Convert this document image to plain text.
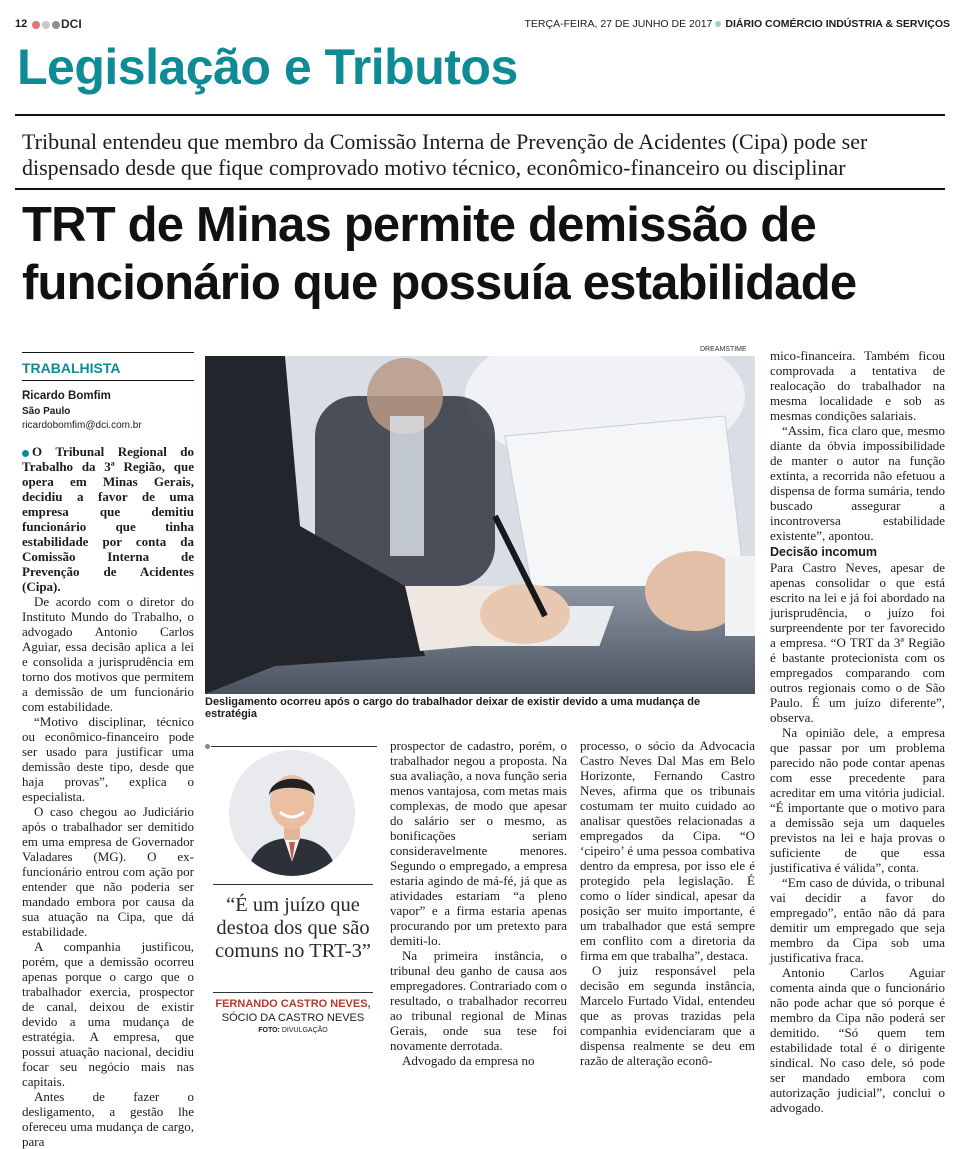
12	DCI	TERÇA-FEIRA, 27 DE JUNHO DE 2017 DIÁRIO COMÉRCIO INDÚSTRIA & SERVIÇOS
Legislação e Tributos
Tribunal entendeu que membro da Comissão Interna de Prevenção de Acidentes (Cipa) pode ser dispensado desde que fique comprovado motivo técnico, econômico-financeiro ou disciplinar
TRT de Minas permite demissão de
funcionário que possuía estabilidade
TRABALHISTA
Ricardo Bomfim
São Paulo
ricardobomfim@dci.com.br

O Tribunal Regional do Trabalho da 3ª Região, que opera em Minas Gerais, decidiu a favor de uma empresa que demitiu funcionário que tinha estabilidade por conta da Comissão Interna de Prevenção de Acidentes (Cipa).

De acordo com o diretor do Instituto Mundo do Trabalho, o advogado Antonio Carlos Aguiar, essa decisão aplica a lei e consolida a jurisprudência em torno dos motivos que permitem a demissão de um funcionário com estabilidade.

“Motivo disciplinar, técnico ou econômico-financeiro pode ser usado para justificar uma demissão deste tipo, desde que haja provas”, explica o especialista.

O caso chegou ao Judiciário após o trabalhador ser demitido em uma empresa de Governador Valadares (MG). O ex-funcionário entrou com ação por entender que não poderia ser mandado embora por causa da sua atuação na Cipa, que dá estabilidade.

A companhia justificou, porém, que a demissão ocorreu apenas porque o cargo que o trabalhador exercia, prospector de canal, deixou de existir devido a uma mudança de estratégia. A empresa, que possui atuação nacional, decidiu focar seu negócio mais nas capitais.

Antes de fazer o desligamento, a gestão lhe ofereceu uma mudança de cargo, para

DREAMSTIME
Desligamento ocorreu após o cargo do trabalhador deixar de existir devido a uma mudança de estratégia
“É um juízo que destoa dos que são comuns no TRT-3”
FERNANDO CASTRO NEVES,
SÓCIO DA CASTRO NEVES
FOTO: DIVULGAÇÃO

prospector de cadastro, porém, o trabalhador negou a proposta. Na sua avaliação, a nova função seria menos vantajosa, com metas mais complexas, de modo que apesar do salário ser o mesmo, as bonificações seriam consideravelmente menores. Segundo o empregado, a empresa estaria agindo de má-fé, já que as atividades estariam “a pleno vapor” e a firma estaria apenas procurando por um pretexto para demiti-lo.

Na primeira instância, o tribunal deu ganho de causa aos empregadores. Contrariado com o resultado, o trabalhador recorreu ao tribunal regional de Minas Gerais, onde sua tese foi novamente derrotada.

Advogado da empresa no

processo, o sócio da Advocacia Castro Neves Dal Mas em Belo Horizonte, Fernando Castro Neves, afirma que os tribunais costumam ter muito cuidado ao analisar questões relacionadas a empregados da Cipa. “O ‘cipeiro’ é uma pessoa combativa dentro da empresa, por isso ele é protegido pela legislação. É como o líder sindical, apesar da posição ser muito importante, é um trabalhador que está sempre em conflito com a diretoria da firma em que trabalha”, destaca.

O juiz responsável pela decisão em segunda instância, Marcelo Furtado Vidal, entendeu que as provas trazidas pela companhia evidenciaram que a dispensa realmente se deu em razão de alteração econô-

mico-financeira. Também ficou comprovada a tentativa de realocação do trabalhador na mesma localidade e sob as mesmas condições salariais.

“Assim, fica claro que, mesmo diante da óbvia impossibilidade de manter o autor na função extinta, a recorrida não efetuou a dispensa de forma sumária, tendo buscado assegurar a incontroversa estabilidade existente”, apontou.

Decisão incomum

Para Castro Neves, apesar de apenas consolidar o que está escrito na lei e já foi abordado na jurisprudência, o juízo foi surpreendente por ter favorecido a empresa. “O TRT da 3ª Região é bastante protecionista com os empregados comparando com outros regionais como o de São Paulo. É um juízo diferente”, observa.

Na opinião dele, a empresa que passar por um problema parecido não pode contar apenas com esse precedente para acreditar em uma vitória judicial. “É importante que o motivo para a demissão seja um daqueles previstos na lei e haja provas o suficiente de que essa justificativa é válida”, conta.

“Em caso de dúvida, o tribunal vai decidir a favor do empregado”, então não dá para demitir um empregado que seja membro da Cipa sob uma justificativa fraca.

Antonio Carlos Aguiar comenta ainda que o funcionário não pode achar que só porque é membro da Cipa não poderá ser demitido. “Só quem tem estabilidade total é o dirigente sindical. No caso dele, só pode ser mandado embora com autorização judicial”, conclui o advogado.
